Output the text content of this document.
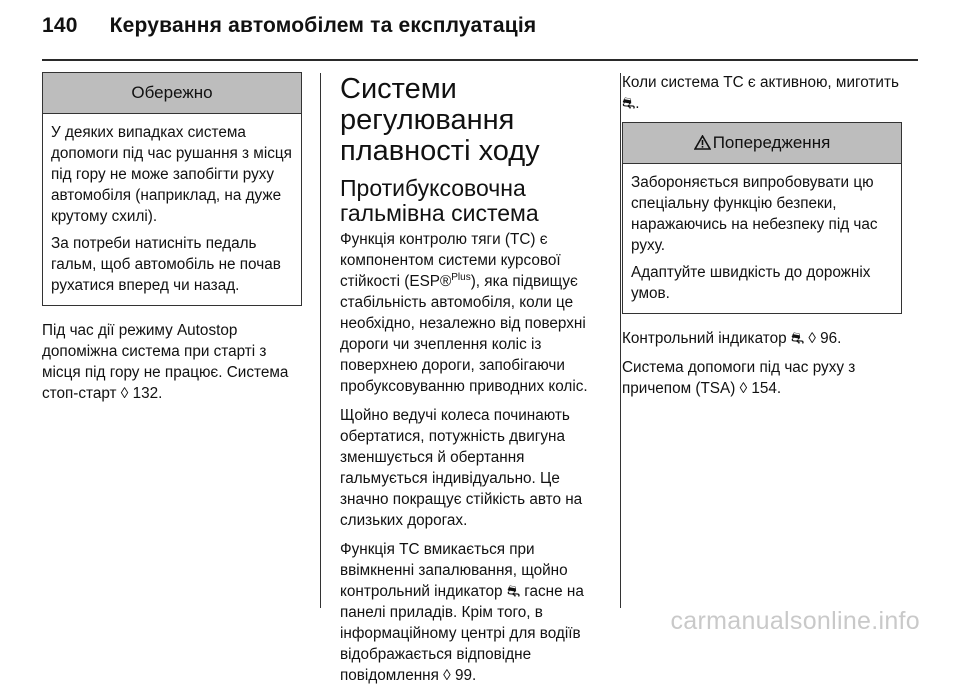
140 Керування автомобілем та експлуатація
Обережно

У деяких випадках система допомоги під час рушання з місця під гору не може запобігти руху автомобіля (наприклад, на дуже крутому схилі).

За потреби натисніть педаль гальм, щоб автомобіль не почав рухатися вперед чи назад.

Під час дії режиму Autostop допоміжна система при старті з місця під гору не працює. Система стоп-старт ◊ 132.

Системи регулювання плавності ходу
Протибуксовочна гальмівна система

Функція контролю тяги (TC) є компонентом системи курсової стійкості (ESP®$^{Plus}$), яка підвищує стабільність автомобіля, коли це необхідно, незалежно від поверхні дороги чи зчеплення коліс із поверхнею дороги, запобігаючи пробуксовуванню приводних коліс.

Щойно ведучі колеса починають обертатися, потужність двигуна зменшується й обертання гальмується індивідуально. Це значно покращує стійкість авто на слизьких дорогах.

Функція TC вмикається при ввімкненні запалювання, щойно контрольний індикатор ⛐ гасне на панелі приладів. Крім того, в інформаційному центрі для водіїв відображається відповідне повідомлення ◊ 99.

Коли система TC є активною, миготить ⛐.

Попередження

Забороняється випробовувати цю спеціальну функцію безпеки, наражаючись на небезпеку під час руху.

Адаптуйте швидкість до дорожніх умов.

Контрольний індикатор ⛐ ◊ 96.

Система допомоги під час руху з причепом (TSA) ◊ 154.

carmanualsonline.info
